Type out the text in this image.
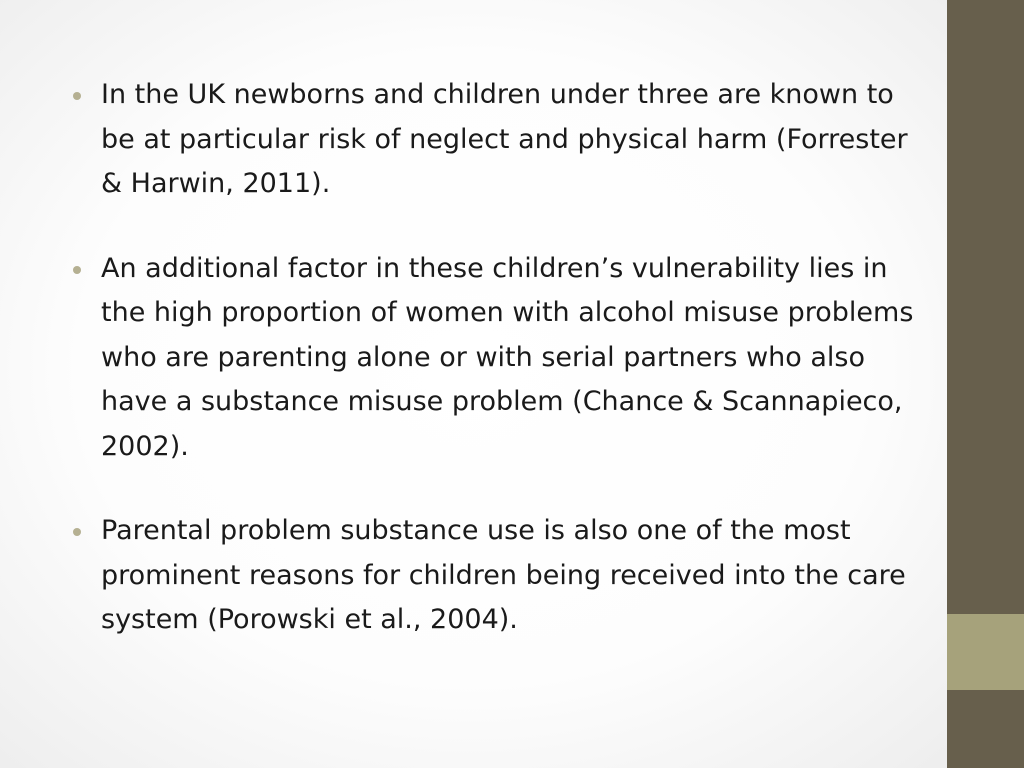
In the UK newborns and children under three are known to be at particular risk of neglect and physical harm (Forrester & Harwin, 2011).
An additional factor in these children’s vulnerability lies in the high proportion of women with alcohol misuse problems who are parenting alone or with serial partners who also have a substance misuse problem (Chance & Scannapieco, 2002).
Parental problem substance use is also one of the most prominent reasons for children being received into the care system (Porowski et al., 2004).
